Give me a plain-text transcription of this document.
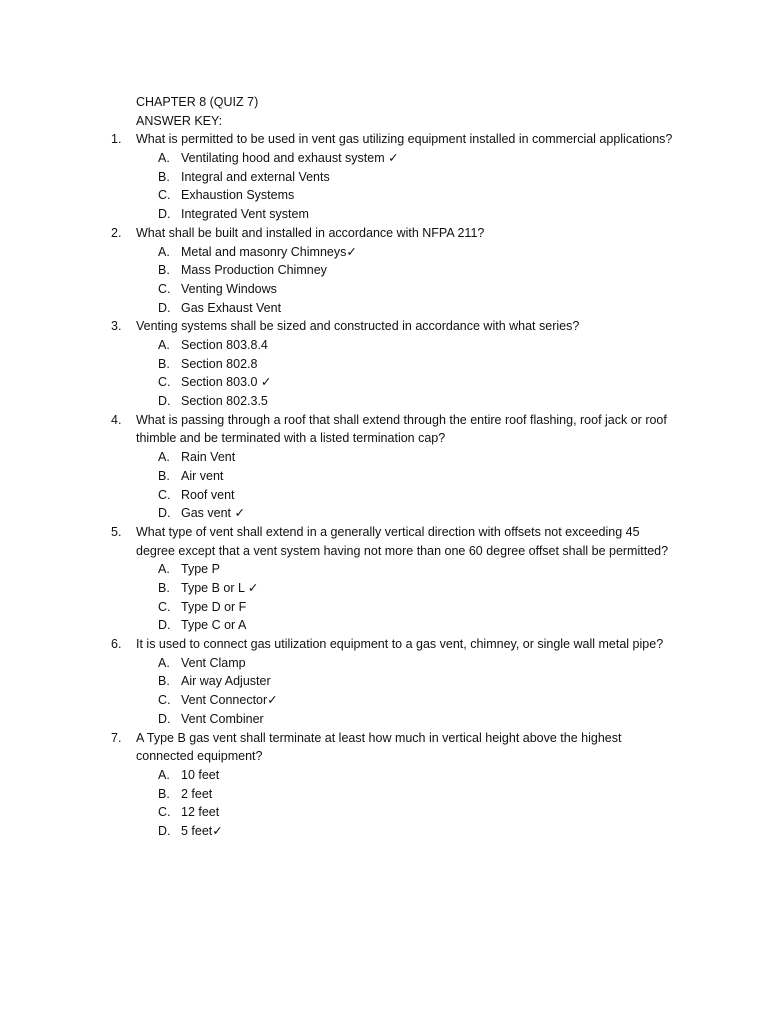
CHAPTER 8 (QUIZ 7)
ANSWER KEY:
1.	What is permitted to be used in vent gas utilizing equipment installed in commercial applications?
A. Ventilating hood and exhaust system ✓
B. Integral and external Vents
C. Exhaustion Systems
D. Integrated Vent system
2.	What shall be built and installed in accordance with NFPA 211?
A. Metal and masonry Chimneys✓
B. Mass Production Chimney
C. Venting Windows
D. Gas Exhaust Vent
3.	Venting systems shall be sized and constructed in accordance with what series?
A. Section 803.8.4
B. Section 802.8
C. Section 803.0 ✓
D. Section 802.3.5
4.	What is passing through a roof that shall extend through the entire roof flashing, roof jack or roof thimble and be terminated with a listed termination cap?
A. Rain Vent
B. Air vent
C. Roof vent
D. Gas vent ✓
5.	What type of vent shall extend in a generally vertical direction with offsets not exceeding 45 degree except that a vent system having not more than one 60 degree offset shall be permitted?
A. Type P
B. Type B or L ✓
C. Type D or F
D. Type C or A
6.	It is used to connect gas utilization equipment to a gas vent, chimney, or single wall metal pipe?
A. Vent Clamp
B. Air way Adjuster
C. Vent Connector✓
D. Vent Combiner
7.	A Type B gas vent shall terminate at least how much in vertical height above the highest connected equipment?
A. 10 feet
B. 2 feet
C. 12 feet
D. 5 feet✓
